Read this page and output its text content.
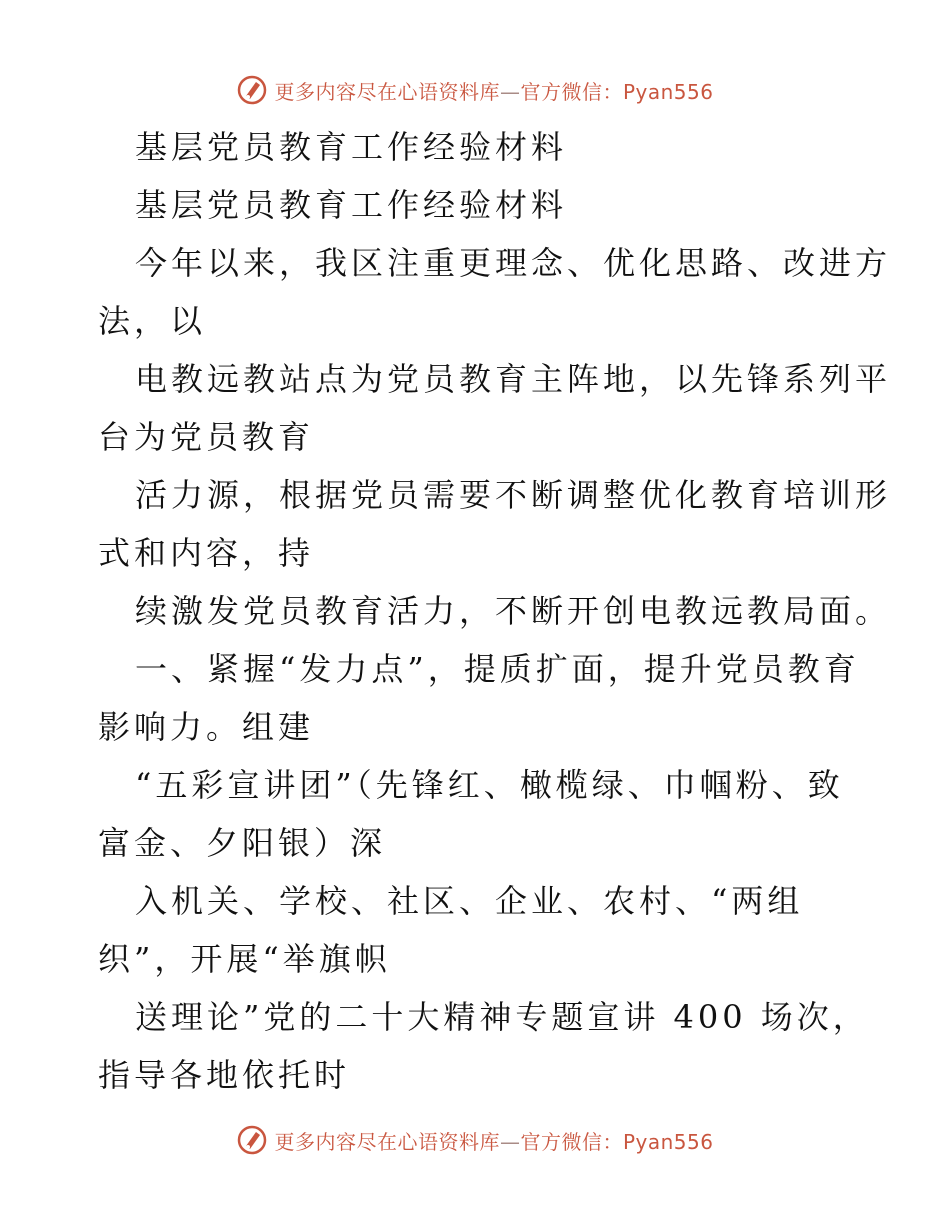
更多内容尽在心语资料库—官方微信：Pyan556
基层党员教育工作经验材料
基层党员教育工作经验材料
今年以来，我区注重更理念、优化思路、改进方
法，以
电教远教站点为党员教育主阵地，以先锋系列平
台为党员教育
活力源，根据党员需要不断调整优化教育培训形
式和内容，持
续激发党员教育活力，不断开创电教远教局面。
一、紧握“发力点”，提质扩面，提升党员教育
影响力。组建
“五彩宣讲团”（先锋红、橄榄绿、巾帼粉、致
富金、夕阳银）深
入机关、学校、社区、企业、农村、“两组
织”，开展“举旗帜
送理论”党的二十大精神专题宣讲 400 场次，
指导各地依托时
更多内容尽在心语资料库—官方微信：Pyan556
